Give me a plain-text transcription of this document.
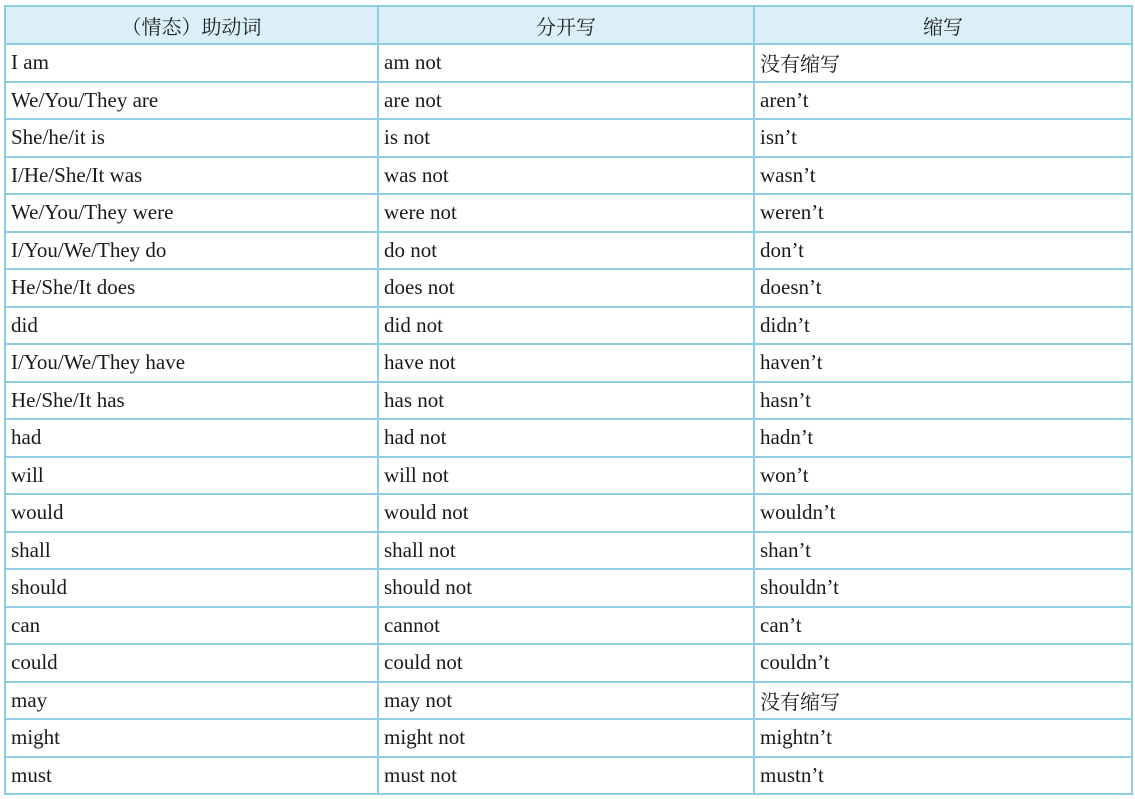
（情态）助动词	分开写	缩写
I am	am not	没有缩写
We/You/They are	are not	aren’t
She/he/it is	is not	isn’t
I/He/She/It was	was not	wasn’t
We/You/They were	were not	weren’t
I/You/We/They do	do not	don’t
He/She/It does	does not	doesn’t
did	did not	didn’t
I/You/We/They have	have not	haven’t
He/She/It has	has not	hasn’t
had	had not	hadn’t
will	will not	won’t
would	would not	wouldn’t
shall	shall not	shan’t
should	should not	shouldn’t
can	cannot	can’t
could	could not	couldn’t
may	may not	没有缩写
might	might not	mightn’t
must	must not	mustn’t
